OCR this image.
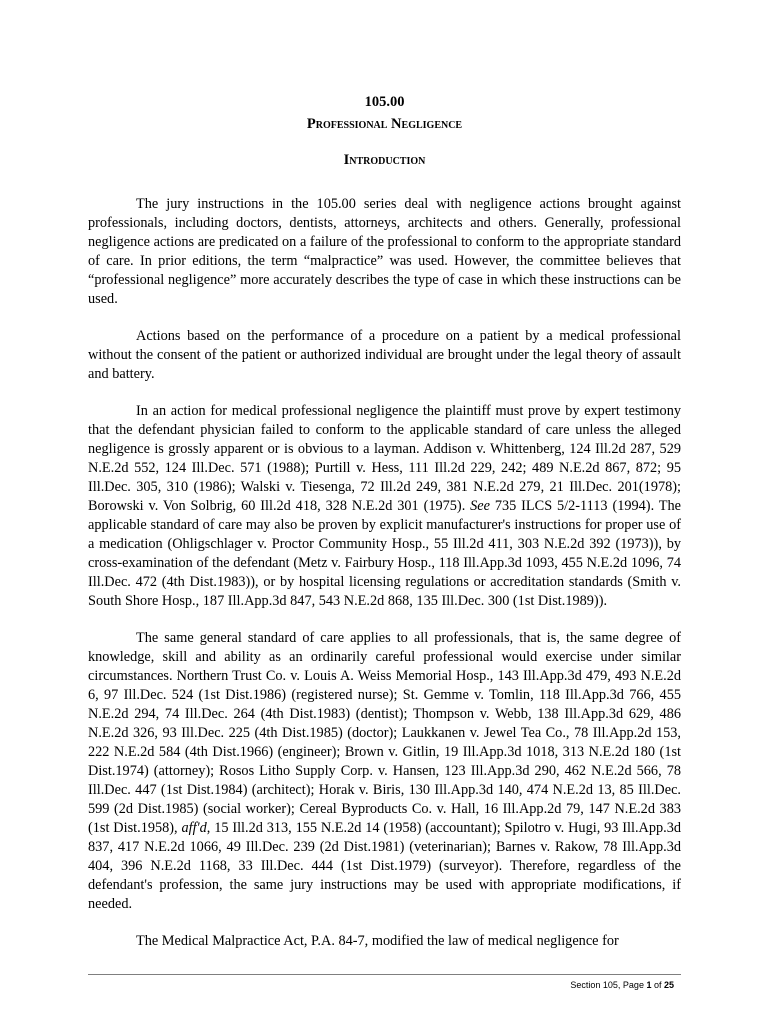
105.00

Professional Negligence

Introduction

The jury instructions in the 105.00 series deal with negligence actions brought against professionals, including doctors, dentists, attorneys, architects and others. Generally, professional negligence actions are predicated on a failure of the professional to conform to the appropriate standard of care. In prior editions, the term “malpractice” was used. However, the committee believes that “professional negligence” more accurately describes the type of case in which these instructions can be used.

Actions based on the performance of a procedure on a patient by a medical professional without the consent of the patient or authorized individual are brought under the legal theory of assault and battery.

In an action for medical professional negligence the plaintiff must prove by expert testimony that the defendant physician failed to conform to the applicable standard of care unless the alleged negligence is grossly apparent or is obvious to a layman. Addison v. Whittenberg, 124 Ill.2d 287, 529 N.E.2d 552, 124 Ill.Dec. 571 (1988); Purtill v. Hess, 111 Ill.2d 229, 242; 489 N.E.2d 867, 872; 95 Ill.Dec. 305, 310 (1986); Walski v. Tiesenga, 72 Ill.2d 249, 381 N.E.2d 279, 21 Ill.Dec. 201(1978); Borowski v. Von Solbrig, 60 Ill.2d 418, 328 N.E.2d 301 (1975). See 735 ILCS 5/2-1113 (1994). The applicable standard of care may also be proven by explicit manufacturer's instructions for proper use of a medication (Ohligschlager v. Proctor Community Hosp., 55 Ill.2d 411, 303 N.E.2d 392 (1973)), by cross-examination of the defendant (Metz v. Fairbury Hosp., 118 Ill.App.3d 1093, 455 N.E.2d 1096, 74 Ill.Dec. 472 (4th Dist.1983)), or by hospital licensing regulations or accreditation standards (Smith v. South Shore Hosp., 187 Ill.App.3d 847, 543 N.E.2d 868, 135 Ill.Dec. 300 (1st Dist.1989)).

The same general standard of care applies to all professionals, that is, the same degree of knowledge, skill and ability as an ordinarily careful professional would exercise under similar circumstances. Northern Trust Co. v. Louis A. Weiss Memorial Hosp., 143 Ill.App.3d 479, 493 N.E.2d 6, 97 Ill.Dec. 524 (1st Dist.1986) (registered nurse); St. Gemme v. Tomlin, 118 Ill.App.3d 766, 455 N.E.2d 294, 74 Ill.Dec. 264 (4th Dist.1983) (dentist); Thompson v. Webb, 138 Ill.App.3d 629, 486 N.E.2d 326, 93 Ill.Dec. 225 (4th Dist.1985) (doctor); Laukkanen v. Jewel Tea Co., 78 Ill.App.2d 153, 222 N.E.2d 584 (4th Dist.1966) (engineer); Brown v. Gitlin, 19 Ill.App.3d 1018, 313 N.E.2d 180 (1st Dist.1974) (attorney); Rosos Litho Supply Corp. v. Hansen, 123 Ill.App.3d 290, 462 N.E.2d 566, 78 Ill.Dec. 447 (1st Dist.1984) (architect); Horak v. Biris, 130 Ill.App.3d 140, 474 N.E.2d 13, 85 Ill.Dec. 599 (2d Dist.1985) (social worker); Cereal Byproducts Co. v. Hall, 16 Ill.App.2d 79, 147 N.E.2d 383 (1st Dist.1958), aff'd, 15 Ill.2d 313, 155 N.E.2d 14 (1958) (accountant); Spilotro v. Hugi, 93 Ill.App.3d 837, 417 N.E.2d 1066, 49 Ill.Dec. 239 (2d Dist.1981) (veterinarian); Barnes v. Rakow, 78 Ill.App.3d 404, 396 N.E.2d 1168, 33 Ill.Dec. 444 (1st Dist.1979) (surveyor). Therefore, regardless of the defendant's profession, the same jury instructions may be used with appropriate modifications, if needed.

The Medical Malpractice Act, P.A. 84-7, modified the law of medical negligence for

Section 105, Page 1 of 25
